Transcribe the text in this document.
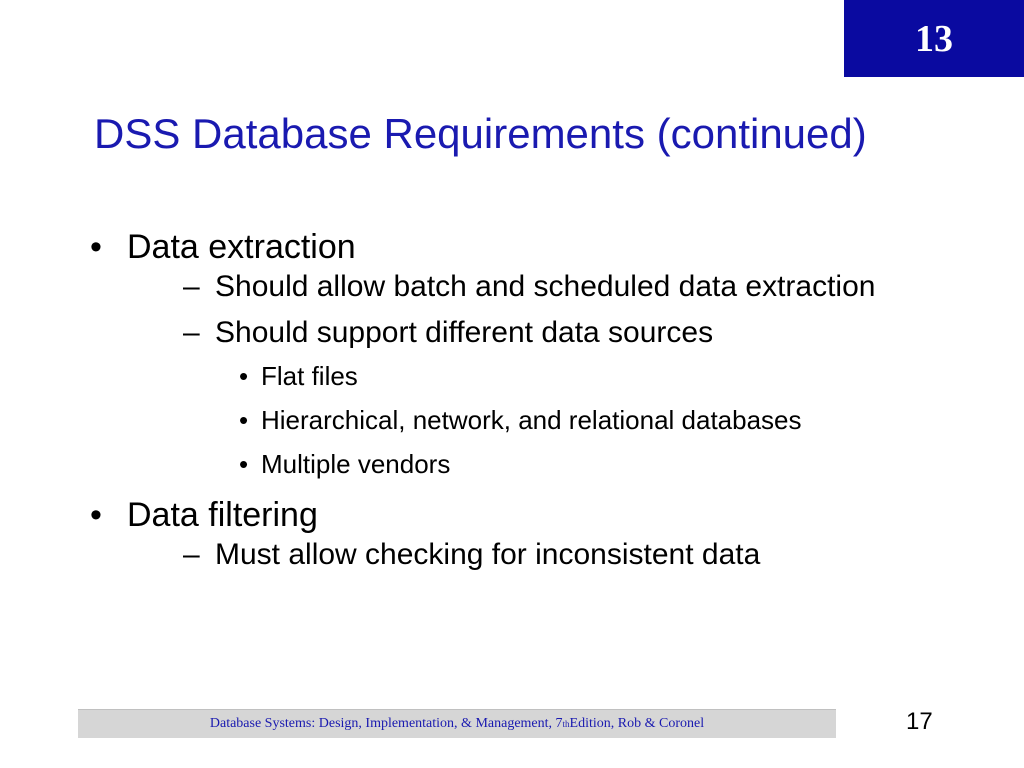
13
DSS Database Requirements (continued)
• Data extraction
– Should allow batch and scheduled data extraction
– Should support different data sources
• Flat files
• Hierarchical, network, and relational databases
• Multiple vendors
• Data filtering
– Must allow checking for inconsistent data
Database Systems: Design, Implementation, & Management, 7 th Edition, Rob & Coronel	17
